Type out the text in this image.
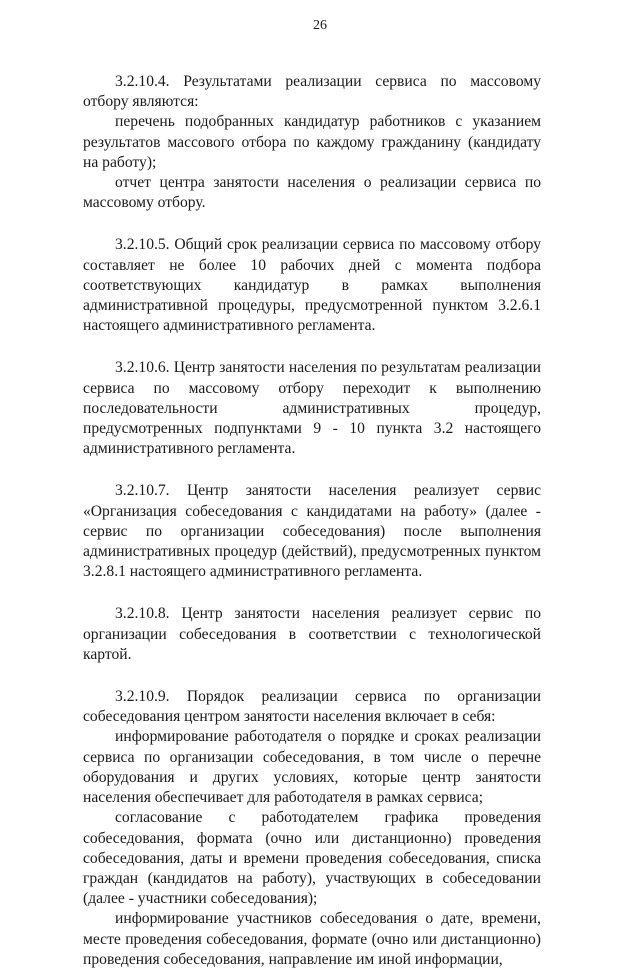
26

3.2.10.4. Результатами реализации сервиса по массовому отбору являются:

перечень подобранных кандидатур работников с указанием результатов массового отбора по каждому гражданину (кандидату на работу);

отчет центра занятости населения о реализации сервиса по массовому отбору.

3.2.10.5. Общий срок реализации сервиса по массовому отбору составляет не более 10 рабочих дней с момента подбора соответствующих кандидатур в рамках выполнения административной процедуры, предусмотренной пунктом 3.2.6.1 настоящего административного регламента.

3.2.10.6. Центр занятости населения по результатам реализации сервиса по массовому отбору переходит к выполнению последовательности административных процедур, предусмотренных подпунктами 9 - 10 пункта 3.2 настоящего административного регламента.

3.2.10.7. Центр занятости населения реализует сервис «Организация собеседования с кандидатами на работу» (далее - сервис по организации собеседования) после выполнения административных процедур (действий), предусмотренных пунктом 3.2.8.1 настоящего административного регламента.

3.2.10.8. Центр занятости населения реализует сервис по организации собеседования в соответствии с технологической картой.

3.2.10.9. Порядок реализации сервиса по организации собеседования центром занятости населения включает в себя:

информирование работодателя о порядке и сроках реализации сервиса по организации собеседования, в том числе о перечне оборудования и других условиях, которые центр занятости населения обеспечивает для работодателя в рамках сервиса;

согласование с работодателем графика проведения собеседования, формата (очно или дистанционно) проведения собеседования, даты и времени проведения собеседования, списка граждан (кандидатов на работу), участвующих в собеседовании (далее - участники собеседования);

информирование участников собеседования о дате, времени, месте проведения собеседования, формате (очно или дистанционно) проведения собеседования, направление им иной информации,
